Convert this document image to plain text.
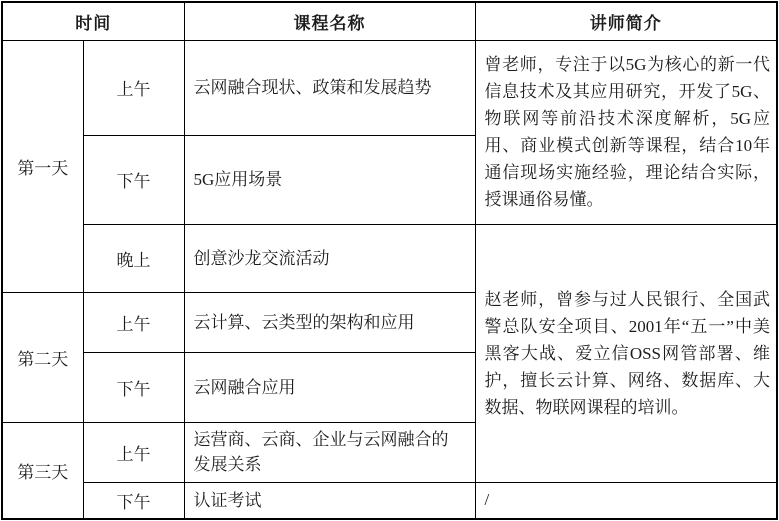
时间		课程名称	讲师简介
第一天	上午	云网融合现状、政策和发展趋势	曾老师，专注于以5G为核心的新一代信息技术及其应用研究，开发了5G、物联网等前沿技术深度解析，5G应用、商业模式创新等课程，结合10年通信现场实施经验，理论结合实际，授课通俗易懂。
	下午	5G应用场景	
	晚上	创意沙龙交流活动	赵老师，曾参与过人民银行、全国武警总队安全项目、2001年“五一”中美黑客大战、爱立信OSS网管部署、维护，擅长云计算、网络、数据库、大数据、物联网课程的培训。
第二天	上午	云计算、云类型的架构和应用	
	下午	云网融合应用	
第三天	上午	运营商、云商、企业与云网融合的发展关系	
	下午	认证考试	/
